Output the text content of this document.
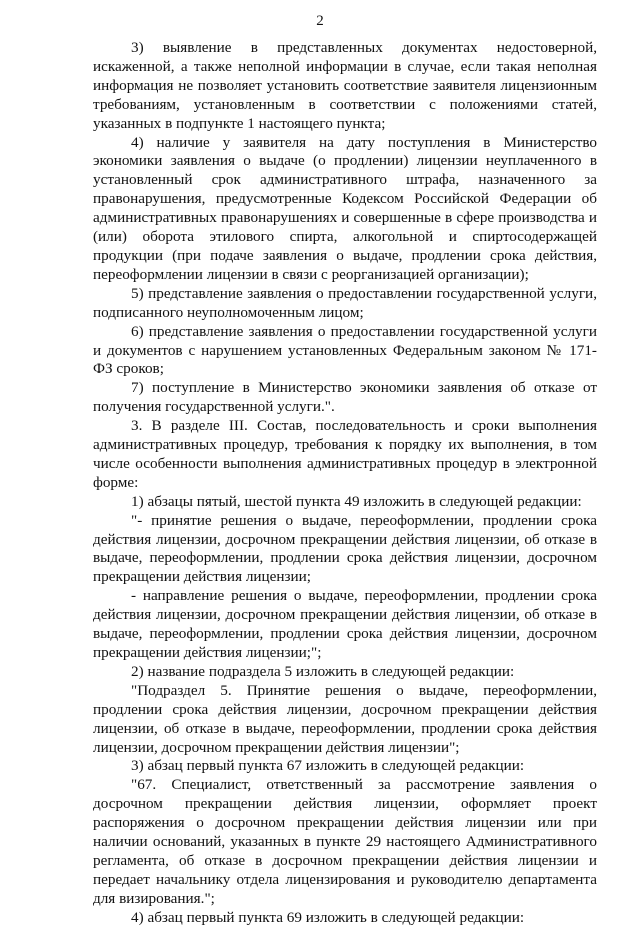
2

3) выявление в представленных документах недостоверной, искаженной, а также неполной информации в случае, если такая неполная информация не позволяет установить соответствие заявителя лицензионным требованиям, установленным в соответствии с положениями статей, указанных в подпункте 1 настоящего пункта;

4) наличие у заявителя на дату поступления в Министерство экономики заявления о выдаче (о продлении) лицензии неуплаченного в установленный срок административного штрафа, назначенного за правонарушения, предусмотренные Кодексом Российской Федерации об административных правонарушениях и совершенные в сфере производства и (или) оборота этилового спирта, алкогольной и спиртосодержащей продукции (при подаче заявления о выдаче, продлении срока действия, переоформлении лицензии в связи с реорганизацией организации);

5) представление заявления о предоставлении государственной услуги, подписанного неуполномоченным лицом;

6) представление заявления о предоставлении государственной услуги и документов с нарушением установленных Федеральным законом № 171-ФЗ сроков;

7) поступление в Министерство экономики заявления об отказе от получения государственной услуги.".

3. В разделе III. Состав, последовательность и сроки выполнения административных процедур, требования к порядку их выполнения, в том числе особенности выполнения административных процедур в электронной форме:

1) абзацы пятый, шестой пункта 49 изложить в следующей редакции:

"- принятие решения о выдаче, переоформлении, продлении срока действия лицензии, досрочном прекращении действия лицензии, об отказе в выдаче, переоформлении, продлении срока действия лицензии, досрочном прекращении действия лицензии;

- направление решения о выдаче, переоформлении, продлении срока действия лицензии, досрочном прекращении действия лицензии, об отказе в выдаче, переоформлении, продлении срока действия лицензии, досрочном прекращении действия лицензии;";

2) название подраздела 5 изложить в следующей редакции:

"Подраздел 5. Принятие решения о выдаче, переоформлении, продлении срока действия лицензии, досрочном прекращении действия лицензии, об отказе в выдаче, переоформлении, продлении срока действия лицензии, досрочном прекращении действия лицензии";

3) абзац первый пункта 67 изложить в следующей редакции:

"67. Специалист, ответственный за рассмотрение заявления о досрочном прекращении действия лицензии, оформляет проект распоряжения о досрочном прекращении действия лицензии или при наличии оснований, указанных в пункте 29 настоящего Административного регламента, об отказе в досрочном прекращении действия лицензии и передает начальнику отдела лицензирования и руководителю департамента для визирования.";

4) абзац первый пункта 69 изложить в следующей редакции:
